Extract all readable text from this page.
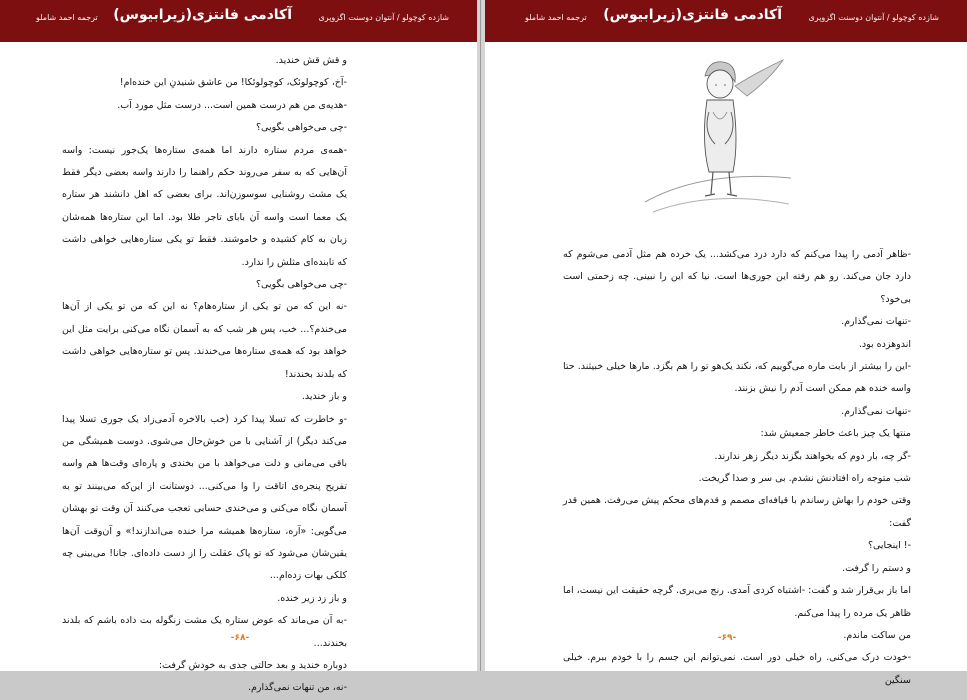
شازده کوچولو / آنتوان دوسنت اگزوپری
آکادمی فانتزی(زیرابیوس)
ترجمه احمد شاملو

و قش قش خندید.

-آخ، کوچولوئک، کوچولوئکا! من عاشق شنیدنِ این خنده‌ام!

-هدیه‌ی من هم درست همین است... درست مثل مورد آب.

-چی می‌خواهی بگویی؟

-همه‌ی مردم ستاره دارند اما همه‌ی ستاره‌ها یک‌جور نیست: واسه آن‌هایی که به سفر می‌روند حکم راهنما را دارند واسه بعضی دیگر فقط یک مشت روشنایی سوسوزن‌اند. برای بعضی که اهل دانشند هر ستاره یک معما است واسه آن بابای تاجر طلا بود. اما این ستاره‌ها همه‌شان زبان به کام کشیده و خاموشند. فقط تو یکی ستاره‌هایی خواهی داشت که تابنده‌ای مثلش را ندارد.

-چی می‌خواهی بگویی؟

-نه این که من تو یکی از ستاره‌هام؟ نه این که من تو یکی از آن‌ها می‌خندم؟... خب، پس هر شب که به آسمان نگاه می‌کنی برایت مثل این خواهد بود که همه‌ی ستاره‌ها می‌خندند. پس تو ستاره‌هایی خواهی داشت که بلدند بخندند!

و باز خندید.

-و خاطرت که تسلا پیدا کرد (خب بالاخره آدمی‌زاد یک جوری تسلا پیدا می‌کند دیگر) از آشنایی با من خوش‌حال می‌شوی. دوست همیشگی من باقی می‌مانی و دلت می‌خواهد با من بخندی و پاره‌ای وقت‌ها هم واسه تفریح پنجره‌ی اتاقت را وا می‌کنی... دوستانت از این‌که می‌بینند تو به آسمان نگاه می‌کنی و می‌خندی حسابی تعجب می‌کنند آن وقت تو بهشان می‌گویی: «آره، ستاره‌ها همیشه مرا خنده می‌اندازند!» و آن‌وقت آن‌ها یقین‌شان می‌شود که تو پاک عقلت را از دست داده‌ای. جانا! می‌بینی چه کلکی بهات زده‌ام...

و باز زد زیر خنده.

-به آن می‌ماند که عوض ستاره یک مشت زنگوله بت داده باشم که بلدند بخندند...

دوباره خندید و بعد حالتی جدی به خودش گرفت:

-نه، من تنهات نمی‌گذارم.

-۶۸-
شازده کوچولو / آنتوان دوسنت اگزوپری
آکادمی فانتزی(زیرابیوس)
ترجمه احمد شاملو

-ظاهر آدمی را پیدا می‌کنم که دارد درد می‌کشد... یک خرده هم مثل آدمی می‌شوم که دارد جان می‌کند. رو هم رفته این جوری‌ها است. نیا که این را نبینی. چه زحمتی است بی‌خود؟

-تنهات نمی‌گذارم.

اندوهزده بود.

-این را بیشتر از بابت ماره می‌گوییم که، نکند یک‌هو تو را هم بگزد. مارها خیلی خبیثند. حتا واسه خنده هم ممکن است آدم را نیش بزنند.

-تنهات نمی‌گذارم.

منتها یک چیز باعث خاطر جمعیش شد:

-گر چه، بار دوم که بخواهند بگزند دیگر زهر ندارند.

شب متوجه راه افتادنش نشدم. بی سر و صدا گریخت.

وقتی خودم را بهاش رساندم با قیافه‌ای مصمم و قدم‌های محکم پیش می‌رفت. همین قدر گفت:

-! اینجایی؟

و دستم را گرفت.

اما باز بی‌قرار شد و گفت: -اشتباه کردی آمدی. رنج می‌بری. گرچه حقیقت این نیست، اما ظاهر یک مرده را پیدا می‌کنم.

من ساکت ماندم.

-خودت درک می‌کنی. راه خیلی دور است. نمی‌توانم این جسم را با خودم ببرم. خیلی سنگین

-۶۹-
